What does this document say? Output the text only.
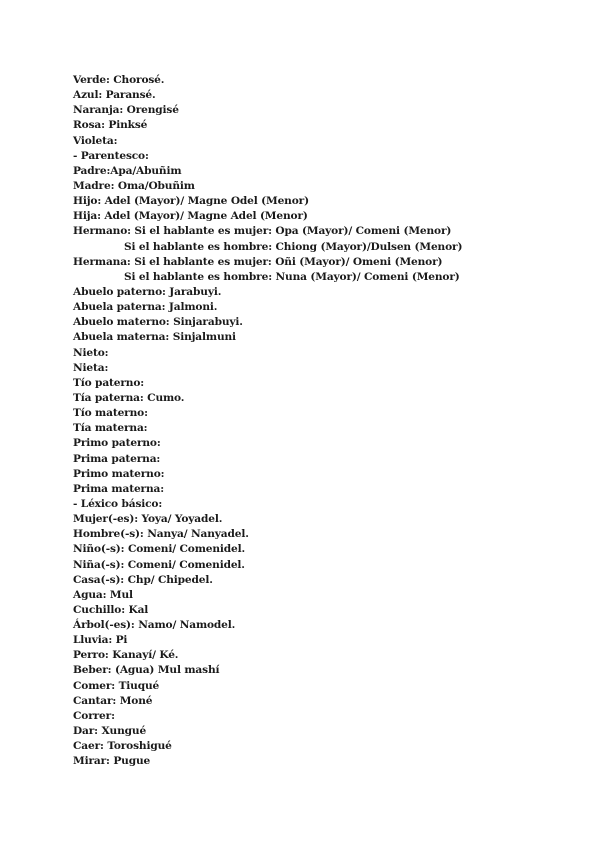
Verde: Chorosé.
Azul: Paransé.
Naranja: Orengisé
Rosa: Pinksé
Violeta:
- Parentesco:
Padre:Apa/Abuñim
Madre: Oma/Obuñim
Hijo: Adel (Mayor)/ Magne Odel (Menor)
Hija: Adel (Mayor)/ Magne Adel (Menor)
Hermano: Si el hablante es mujer: Opa (Mayor)/ Comeni (Menor)
Si el hablante es hombre: Chiong (Mayor)/Dulsen (Menor)
Hermana: Si el hablante es mujer: Oñi (Mayor)/ Omeni (Menor)
Si el hablante es hombre: Nuna (Mayor)/ Comeni (Menor)
Abuelo paterno: Jarabuyi.
Abuela paterna: Jalmoni.
Abuelo materno: Sinjarabuyi.
Abuela materna: Sinjalmuni
Nieto:
Nieta:
Tío paterno:
Tía paterna: Cumo.
Tío materno:
Tía materna:
Primo paterno:
Prima paterna:
Primo materno:
Prima materna:
- Léxico básico:
Mujer(-es): Yoya/ Yoyadel.
Hombre(-s): Nanya/ Nanyadel.
Niño(-s): Comeni/ Comenidel.
Niña(-s): Comeni/ Comenidel.
Casa(-s): Chp/ Chipedel.
Agua: Mul
Cuchillo: Kal
Árbol(-es): Namo/ Namodel.
Lluvia: Pi
Perro: Kanayí/ Ké.
Beber: (Agua) Mul mashí
Comer: Tiuqué
Cantar: Moné
Correr:
Dar: Xungué
Caer: Toroshigué
Mirar: Pugue
